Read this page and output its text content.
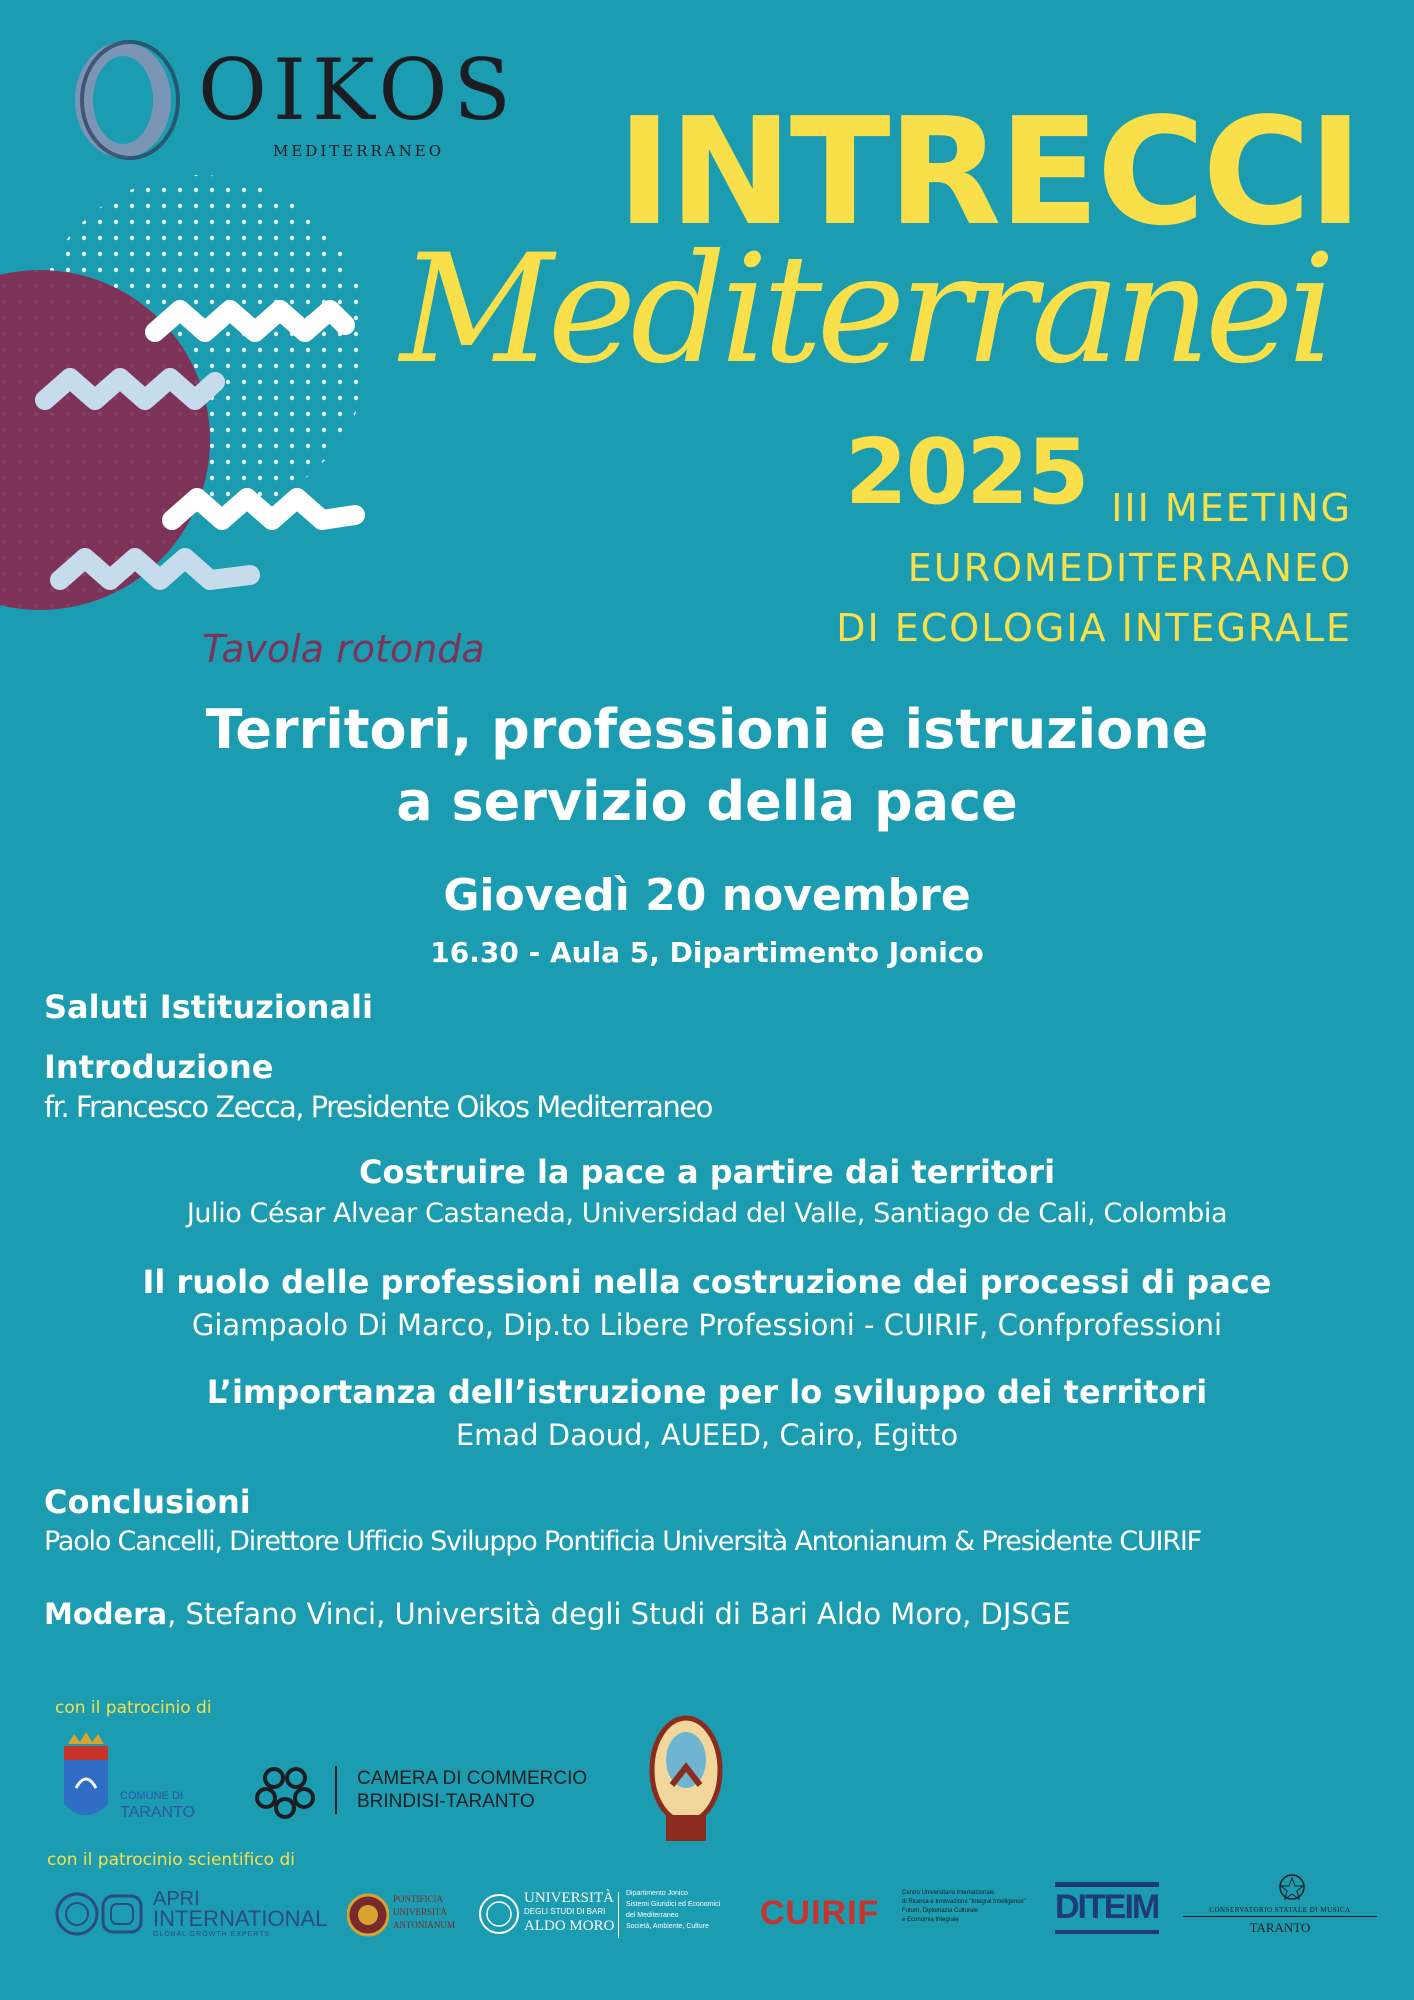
OIKOS
MEDITERRANEO	INTRECCI
Mediterranei
2025 III MEETING
EUROMEDITERRANEO
DI ECOLOGIA INTEGRALE
Tavola rotonda
Territori, professioni e istruzione
a servizio della pace
Giovedì 20 novembre
16.30 - Aula 5, Dipartimento Jonico
Saluti Istituzionali
Introduzione
fr. Francesco Zecca, Presidente Oikos Mediterraneo
Costruire la pace a partire dai territori
Julio César Alvear Castaneda, Universidad del Valle, Santiago de Cali, Colombia
Il ruolo delle professioni nella costruzione dei processi di pace
Giampaolo Di Marco, Dip.to Libere Professioni - CUIRIF, Confprofessioni
L’importanza dell’istruzione per lo sviluppo dei territori
Emad Daoud, AUEED, Cairo, Egitto
Conclusioni
Paolo Cancelli, Direttore Ufficio Sviluppo Pontificia Università Antonianum & Presidente CUIRIF
Modera, Stefano Vinci, Università degli Studi di Bari Aldo Moro, DJSGE
con il patrocinio di
COMUNE DI
TARANTO
CAMERA DI COMMERCIO
BRINDISI-TARANTO
con il patrocinio scientifico di
APRI
INTERNATIONAL
GLOBAL GROWTH EXPERTS
PONTIFICIA
UNIVERSITÀ
ANTONIANUM
UNIVERSITÀ
DEGLI STUDI DI BARI
ALDO MORO
Dipartimento Jonico
Sistemi Giuridici ed Economici
del Mediterraneo
Società, Ambiente, Culture CUIRIF
Centro Universitario Internazionale
di Ricerca e Innovazione "Integral Intelligence"
Futuro, Diplomazia Culturale
e Economia Integrale	DITEIM	CONSERVATORIO STATALE DI MUSICA
TARANTO
